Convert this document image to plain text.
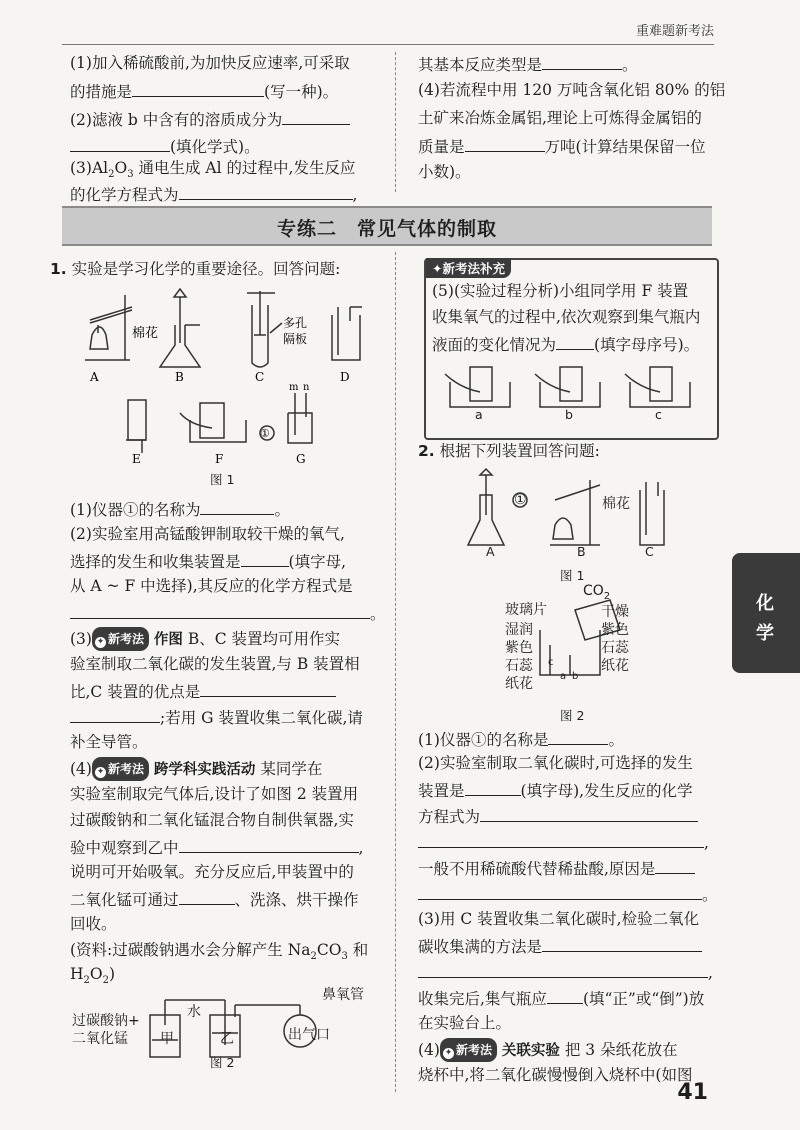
重难题新考法
(1)加入稀硫酸前,为加快反应速率,可采取
的措施是	(写一种)。
(2)滤液 b 中含有的溶质成分为
(填化学式)。
$(3)Al_2O_3$ 通电生成 Al 的过程中,发生反应
的化学方程式为	,
其基本反应类型是	。
(4)若流程中用 120 万吨含氧化铝 80% 的铝
土矿来冶炼金属铝,理论上可炼得金属铝的
质量是	万吨(计算结果保留一位
小数)。
专练二　常见气体的制取
1. 实验是学习化学的重要途径。回答问题:
A	B	C	D
E	F	G
棉花
多孔
隔板
①
m n
图 1
(1)仪器①的名称为	。
(2)实验室用高锰酸钾制取较干燥的氧气,
选择的发生和收集装置是	(填字母,
从 A ~ F 中选择),其反应的化学方程式是
。
(3) ✦ 新考法 作图 B、C 装置均可用作实
验室制取二氧化碳的发生装置,与 B 装置相
比,C 装置的优点是
;若用 G 装置收集二氧化碳,请
补全导管。
(4) ✦ 新考法 跨学科实践活动 某同学在
实验室制取完气体后,设计了如图 2 装置用
过碳酸钠和二氧化锰混合物自制供氧器,实
验中观察到乙中	,
说明可开始吸氧。充分反应后,甲装置中的
二氧化锰可通过	、洗涤、烘干操作
回收。
(资料:过碳酸钠遇水会分解产生 $Na_2CO_3$ 和
$H_2O_2$)
过碳酸钠+
二氧化锰
水
甲	乙
鼻氧管
出气口
图 2
✦新考法补充
(5)(实验过程分析)小组同学用 F 装置
收集氧气的过程中,依次观察到集气瓶内
液面的变化情况为 (填字母序号)。
a	b	c
2. 根据下列装置回答问题:
A	B	C
①	棉花
图 1
$CO_2$
玻璃片
湿润
紫色
石蕊
纸花
干燥
紫色
石蕊
纸花
c
a b
图 2
(1)仪器①的名称是	。
(2)实验室制取二氧化碳时,可选择的发生
装置是	(填字母),发生反应的化学
方程式为
,
一般不用稀硫酸代替稀盐酸,原因是
。
(3)用 C 装置收集二氧化碳时,检验二氧化
碳收集满的方法是
,
收集完后,集气瓶应 (填“正”或“倒”)放
在实验台上。
(4) ✦ 新考法 关联实验 把 3 朵纸花放在
烧杯中,将二氧化碳慢慢倒入烧杯中(如图
化
学
41
